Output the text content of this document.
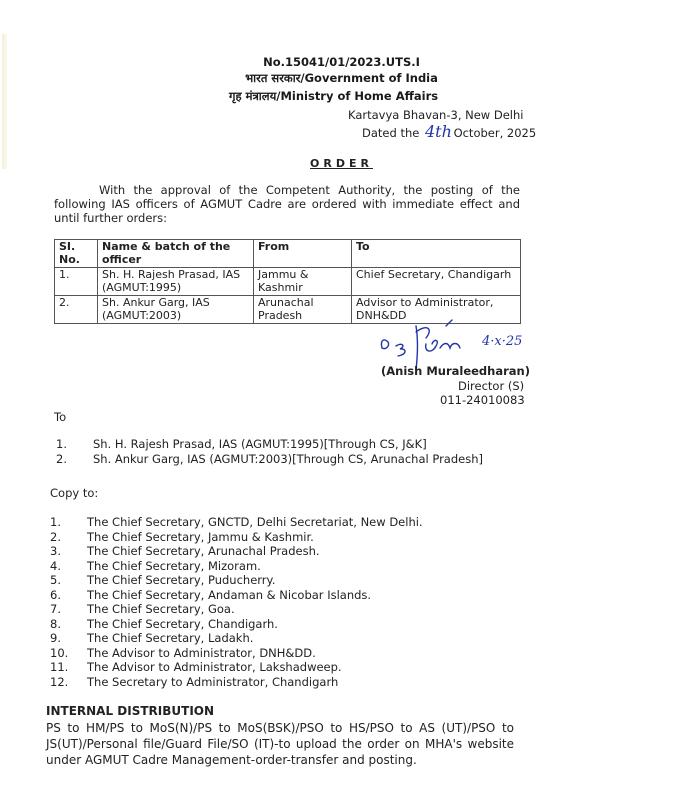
No.15041/01/2023.UTS.I
भारत सरकार/Government of India
गृह मंत्रालय/Ministry of Home Affairs
Kartavya Bhavan-3, New Delhi
Dated the 4th October, 2025
ORDER
With the approval of the Competent Authority, the posting of the following IAS officers of AGMUT Cadre are ordered with immediate effect and until further orders:
SI. No.	Name & batch of the officer	From	To
1.	Sh. H. Rajesh Prasad, IAS (AGMUT:1995)	Jammu & Kashmir	Chief Secretary, Chandigarh
2.	Sh. Ankur Garg, IAS (AGMUT:2003)	Arunachal Pradesh	Advisor to Administrator, DNH&DD
4·x·25
(Anish Muraleedharan)
Director (S)
011-24010083
To
1. Sh. H. Rajesh Prasad, IAS (AGMUT:1995)[Through CS, J&K]
2. Sh. Ankur Garg, IAS (AGMUT:2003)[Through CS, Arunachal Pradesh]
Copy to:
1. The Chief Secretary, GNCTD, Delhi Secretariat, New Delhi.
2. The Chief Secretary, Jammu & Kashmir.
3. The Chief Secretary, Arunachal Pradesh.
4. The Chief Secretary, Mizoram.
5. The Chief Secretary, Puducherry.
6. The Chief Secretary, Andaman & Nicobar Islands.
7. The Chief Secretary, Goa.
8. The Chief Secretary, Chandigarh.
9. The Chief Secretary, Ladakh.
10. The Advisor to Administrator, DNH&DD.
11. The Advisor to Administrator, Lakshadweep.
12. The Secretary to Administrator, Chandigarh
INTERNAL DISTRIBUTION
PS to HM/PS to MoS(N)/PS to MoS(BSK)/PSO to HS/PSO to AS (UT)/PSO to JS(UT)/Personal file/Guard File/SO (IT)-to upload the order on MHA's website under AGMUT Cadre Management-order-transfer and posting.
